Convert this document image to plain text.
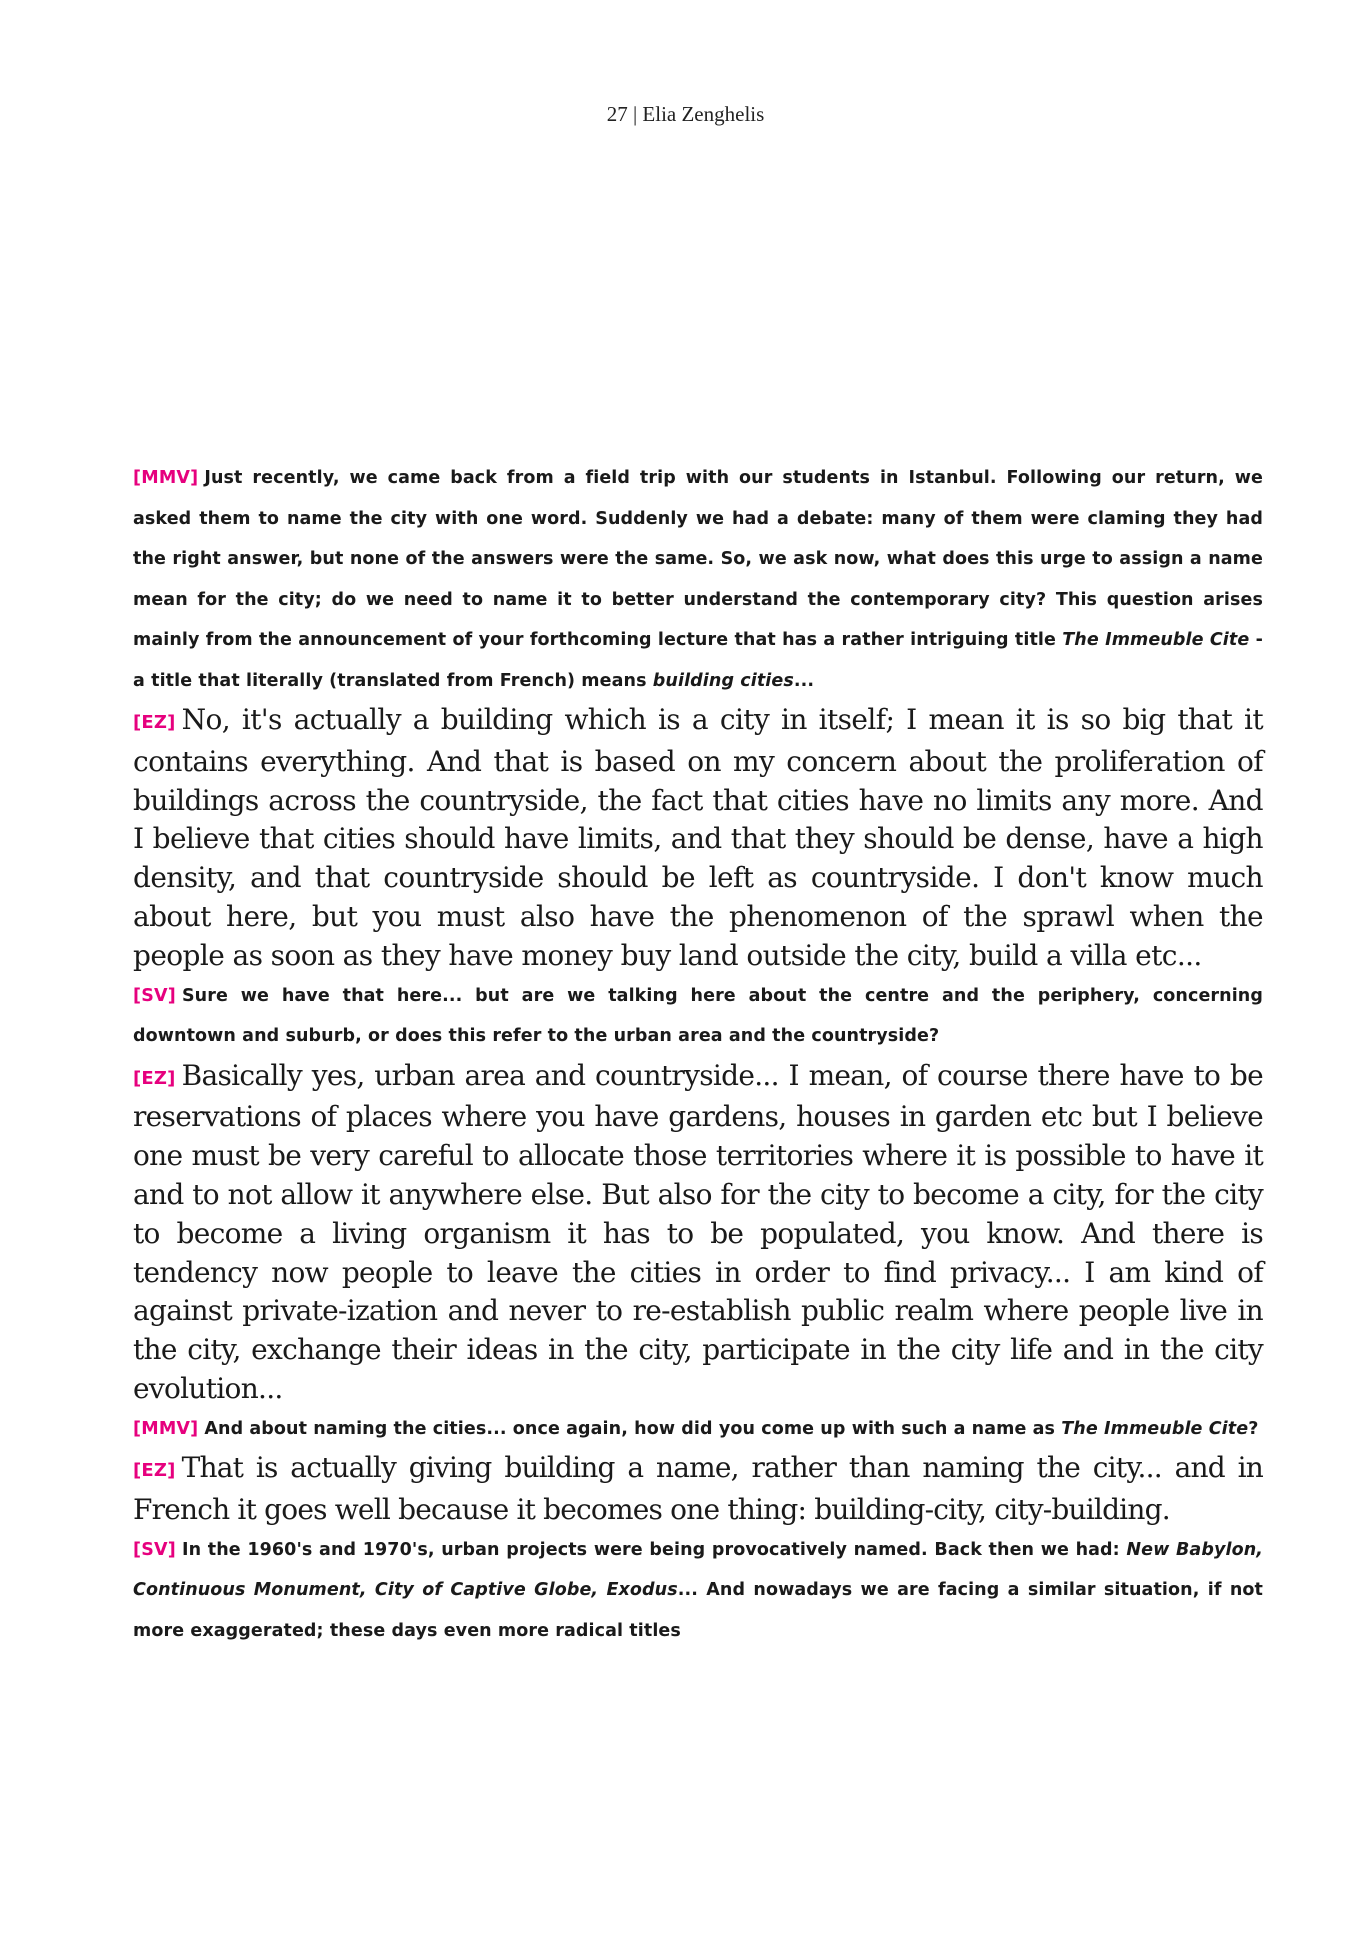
27 | Elia Zenghelis

[MMV] Just recently, we came back from a field trip with our students in Istanbul. Following our return, we asked them to name the city with one word. Suddenly we had a debate: many of them were claming they had the right answer, but none of the answers were the same. So, we ask now, what does this urge to assign a name mean for the city; do we need to name it to better understand the contemporary city? This question arises mainly from the announcement of your forthcoming lecture that has a rather intriguing title The Immeuble Cite - a title that literally (translated from French) means building cities...

[EZ] No, it's actually a building which is a city in itself; I mean it is so big that it contains everything. And that is based on my concern about the proliferation of buildings across the countryside, the fact that cities have no limits any more. And I believe that cities should have limits, and that they should be dense, have a high density, and that countryside should be left as countryside. I don't know much about here, but you must also have the phenomenon of the sprawl when the people as soon as they have money buy land outside the city, build a villa etc...

[SV] Sure we have that here... but are we talking here about the centre and the periphery, concerning downtown and suburb, or does this refer to the urban area and the countryside?

[EZ] Basically yes, urban area and countryside... I mean, of course there have to be reservations of places where you have gardens, houses in garden etc but I believe one must be very careful to allocate those territories where it is possible to have it and to not allow it anywhere else. But also for the city to become a city, for the city to become a living organism it has to be populated, you know. And there is tendency now people to leave the cities in order to find privacy... I am kind of against private-ization and never to re-establish public realm where people live in the city, exchange their ideas in the city, participate in the city life and in the city evolution...

[MMV] And about naming the cities... once again, how did you come up with such a name as The Immeuble Cite?

[EZ] That is actually giving building a name, rather than naming the city... and in French it goes well because it becomes one thing: building-city, city-building.

[SV] In the 1960's and 1970's, urban projects were being provocatively named. Back then we had: New Babylon, Continuous Monument, City of Captive Globe, Exodus... And nowadays we are facing a similar situation, if not more exaggerated; these days even more radical titles
